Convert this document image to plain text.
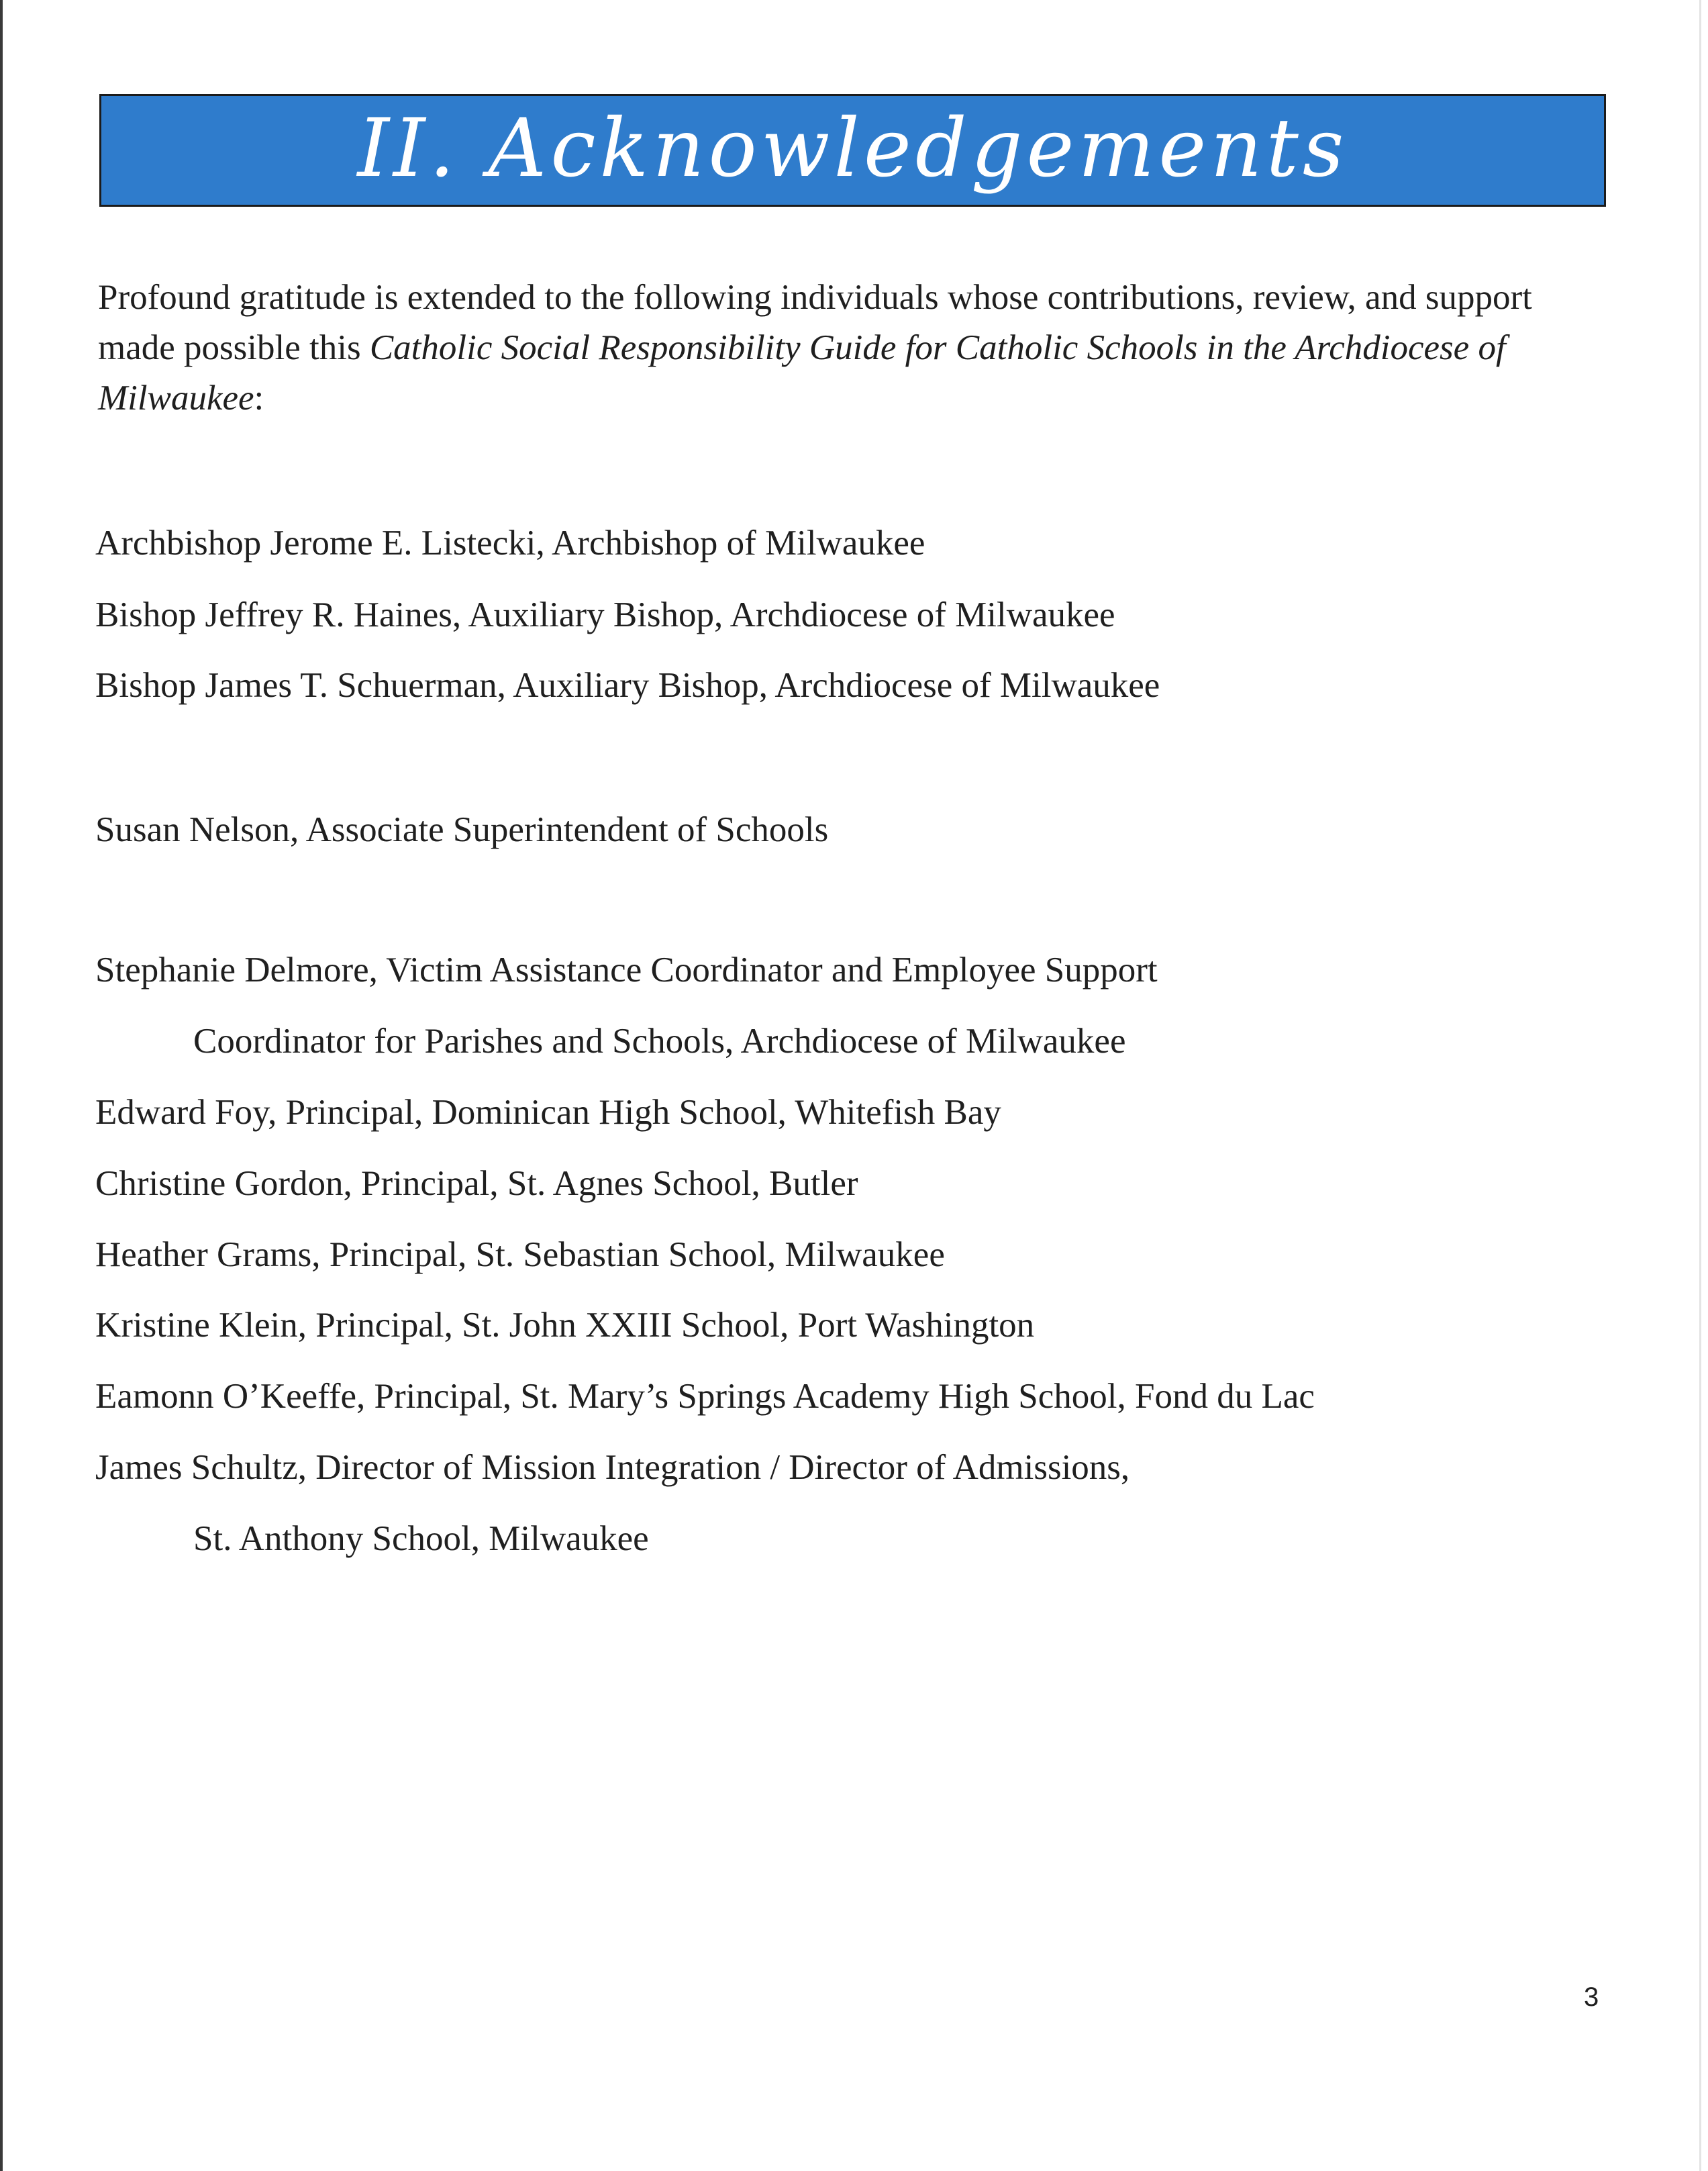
II. Acknowledgements

Profound gratitude is extended to the following individuals whose contributions, review, and support made possible this Catholic Social Responsibility Guide for Catholic Schools in the Archdiocese of Milwaukee:

Archbishop Jerome E. Listecki, Archbishop of Milwaukee
Bishop Jeffrey R. Haines, Auxiliary Bishop, Archdiocese of Milwaukee
Bishop James T. Schuerman, Auxiliary Bishop, Archdiocese of Milwaukee
Susan Nelson, Associate Superintendent of Schools
Stephanie Delmore, Victim Assistance Coordinator and Employee Support
Coordinator for Parishes and Schools, Archdiocese of Milwaukee
Edward Foy, Principal, Dominican High School, Whitefish Bay
Christine Gordon, Principal, St. Agnes School, Butler
Heather Grams, Principal, St. Sebastian School, Milwaukee
Kristine Klein, Principal, St. John XXIII School, Port Washington
Eamonn O’Keeffe, Principal, St. Mary’s Springs Academy High School, Fond du Lac
James Schultz, Director of Mission Integration / Director of Admissions,
St. Anthony School, Milwaukee
3
